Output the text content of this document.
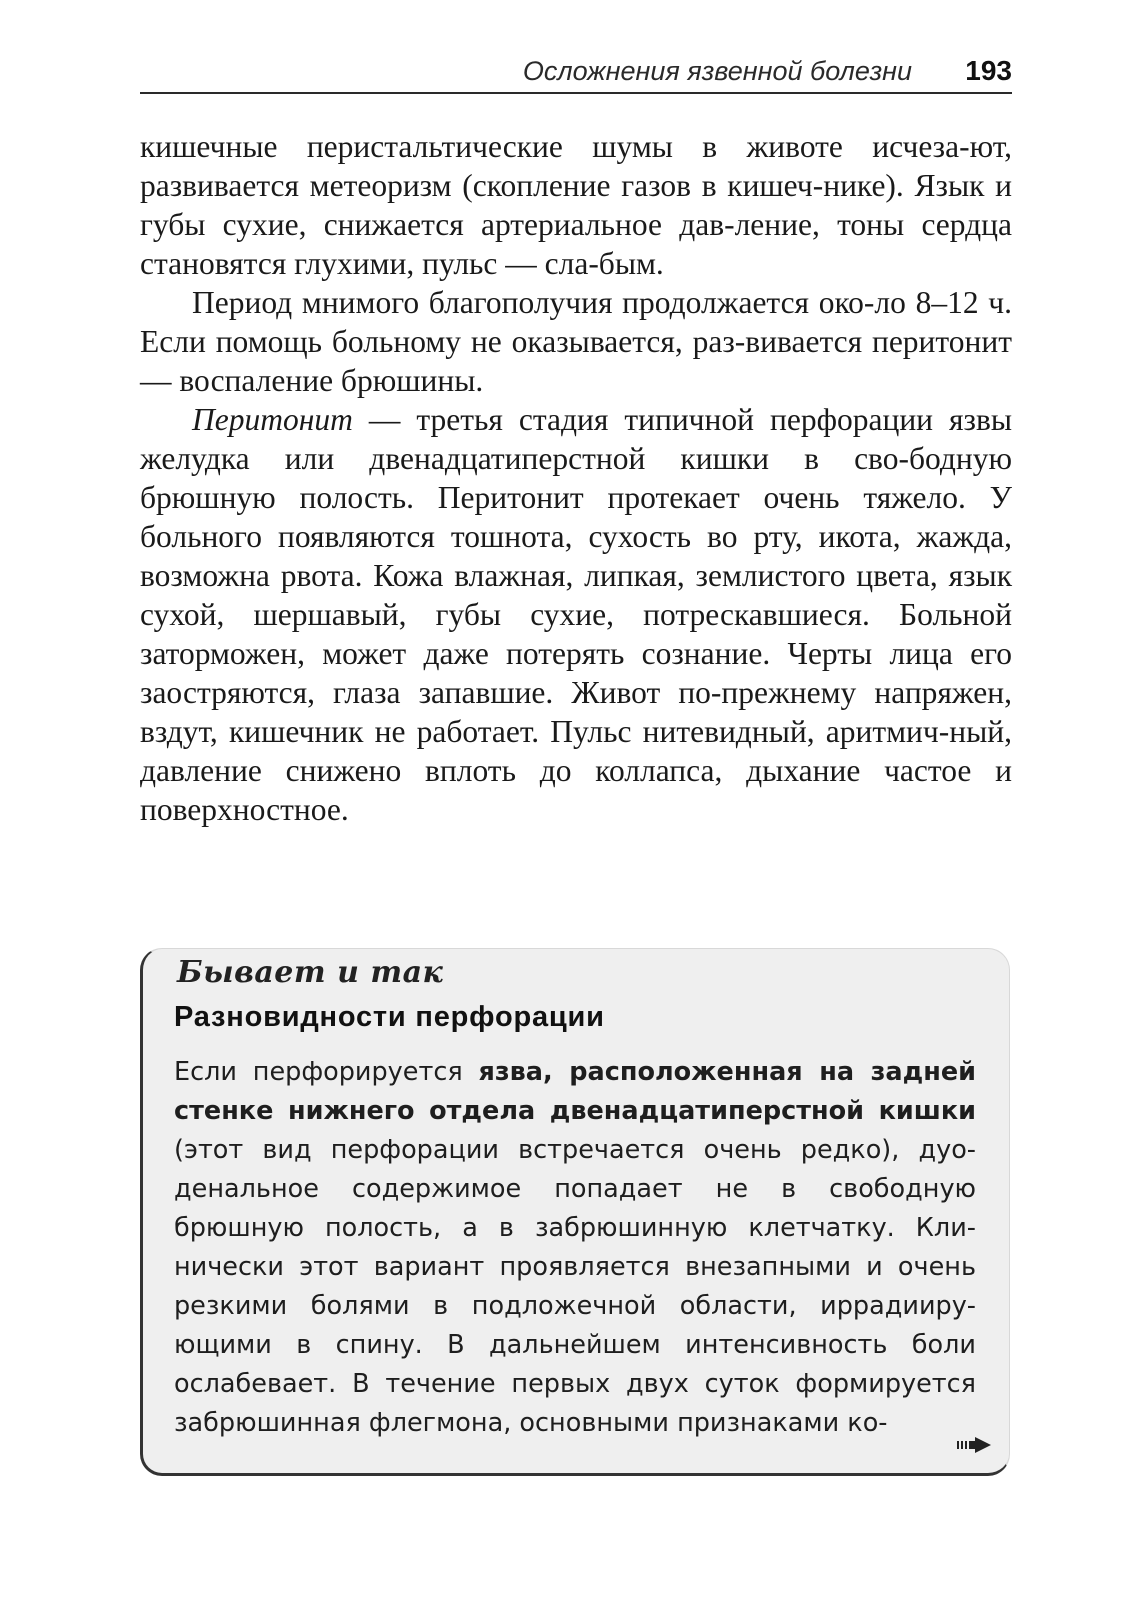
Осложнения язвенной болезни 193

кишечные перистальтические шумы в животе исчеза-ют, развивается метеоризм (скопление газов в кишеч-нике). Язык и губы сухие, снижается артериальное дав-ление, тоны сердца становятся глухими, пульс — сла-бым.

Период мнимого благополучия продолжается око-ло 8–12 ч. Если помощь больному не оказывается, раз-вивается перитонит — воспаление брюшины.

Перитонит — третья стадия типичной перфорации язвы желудка или двенадцатиперстной кишки в сво-бодную брюшную полость. Перитонит протекает очень тяжело. У больного появляются тошнота, сухость во рту, икота, жажда, возможна рвота. Кожа влажная, липкая, землистого цвета, язык сухой, шершавый, губы сухие, потрескавшиеся. Больной заторможен, может даже потерять сознание. Черты лица его заостряются, глаза запавшие. Живот по-прежнему напряжен, вздут, кишечник не работает. Пульс нитевидный, аритмич-ный, давление снижено вплоть до коллапса, дыхание частое и поверхностное.

Бывает и так
Разновидности перфорации

Если перфорируется язва, расположенная на задней стенке нижнего отдела двенадцатиперстной кишки (этот вид перфорации встречается очень редко), дуо-денальное содержимое попадает не в свободную брюшную полость, а в забрюшинную клетчатку. Кли-нически этот вариант проявляется внезапными и очень резкими болями в подложечной области, иррадииру-ющими в спину. В дальнейшем интенсивность боли ослабевает. В течение первых двух суток формируется забрюшинная флегмона, основными признаками ко-
